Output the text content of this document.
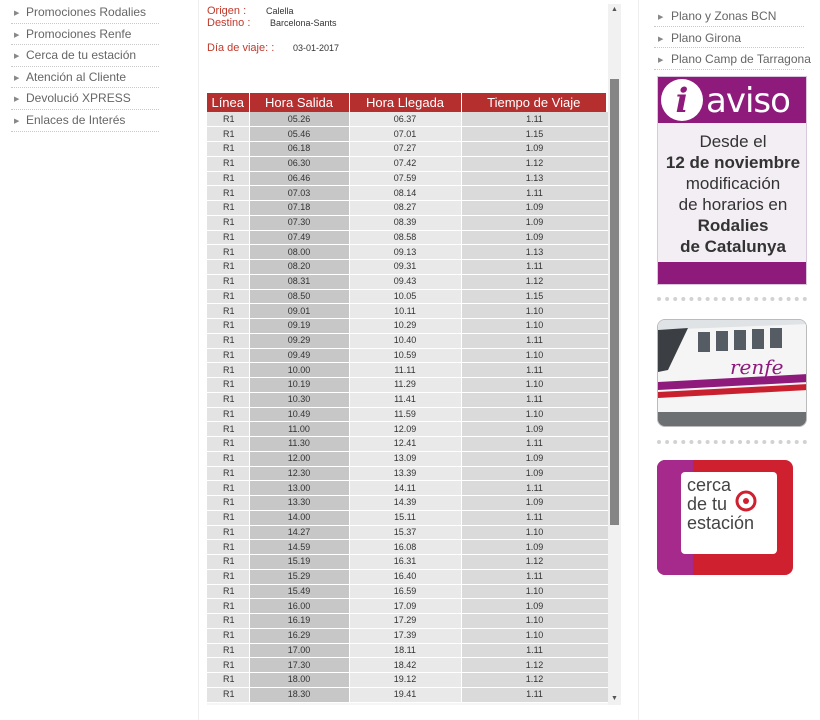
▶ Promociones Rodalies
▶ Promociones Renfe
▶ Cerca de tu estación
▶ Atención al Cliente
▶ Devolució XPRESS
▶ Enlaces de Interés
Origen : Calella
Destino : Barcelona-Sants
Día de viaje: : 03-01-2017
Línea	Hora Salida	Hora Llegada	Tiempo de Viaje
R1	05.26	06.37	1.11
R1	05.46	07.01	1.15
R1	06.18	07.27	1.09
R1	06.30	07.42	1.12
R1	06.46	07.59	1.13
R1	07.03	08.14	1.11
R1	07.18	08.27	1.09
R1	07.30	08.39	1.09
R1	07.49	08.58	1.09
R1	08.00	09.13	1.13
R1	08.20	09.31	1.11
R1	08.31	09.43	1.12
R1	08.50	10.05	1.15
R1	09.01	10.11	1.10
R1	09.19	10.29	1.10
R1	09.29	10.40	1.11
R1	09.49	10.59	1.10
R1	10.00	11.11	1.11
R1	10.19	11.29	1.10
R1	10.30	11.41	1.11
R1	10.49	11.59	1.10
R1	11.00	12.09	1.09
R1	11.30	12.41	1.11
R1	12.00	13.09	1.09
R1	12.30	13.39	1.09
R1	13.00	14.11	1.11
R1	13.30	14.39	1.09
R1	14.00	15.11	1.11
R1	14.27	15.37	1.10
R1	14.59	16.08	1.09
R1	15.19	16.31	1.12
R1	15.29	16.40	1.11
R1	15.49	16.59	1.10
R1	16.00	17.09	1.09
R1	16.19	17.29	1.10
R1	16.29	17.39	1.10
R1	17.00	18.11	1.11
R1	17.30	18.42	1.12
R1	18.00	19.12	1.12
R1	18.30	19.41	1.11
▲
▼
▶ Plano y Zonas BCN
▶ Plano Girona
▶ Plano Camp de Tarragona
i aviso
Desde el
12 de noviembre
modificación
de horarios en
Rodalies
de Catalunya
renfe
cerca
de tu
estación
